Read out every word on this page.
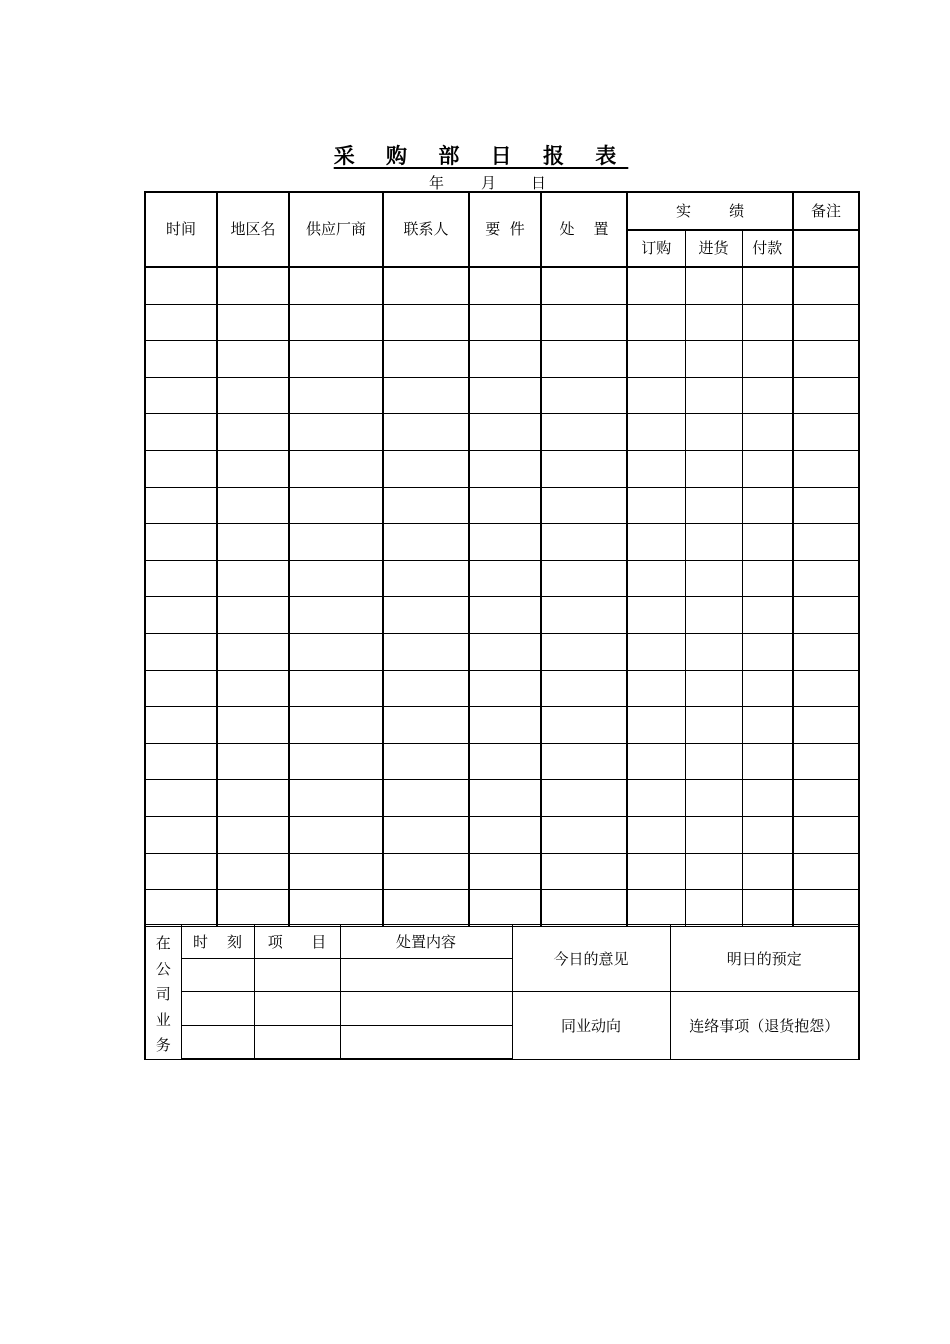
采 购 部 日 报 表
年 月 日
时间	地区名	供应厂商	联系人	要  件	处    置	实        绩			备注
						订购	进货	付款	

在
公
司
业
务	时    刻	项      目	处置内容	今日的意见	明日的预定

				同业动向	连络事项（退货抱怨）
